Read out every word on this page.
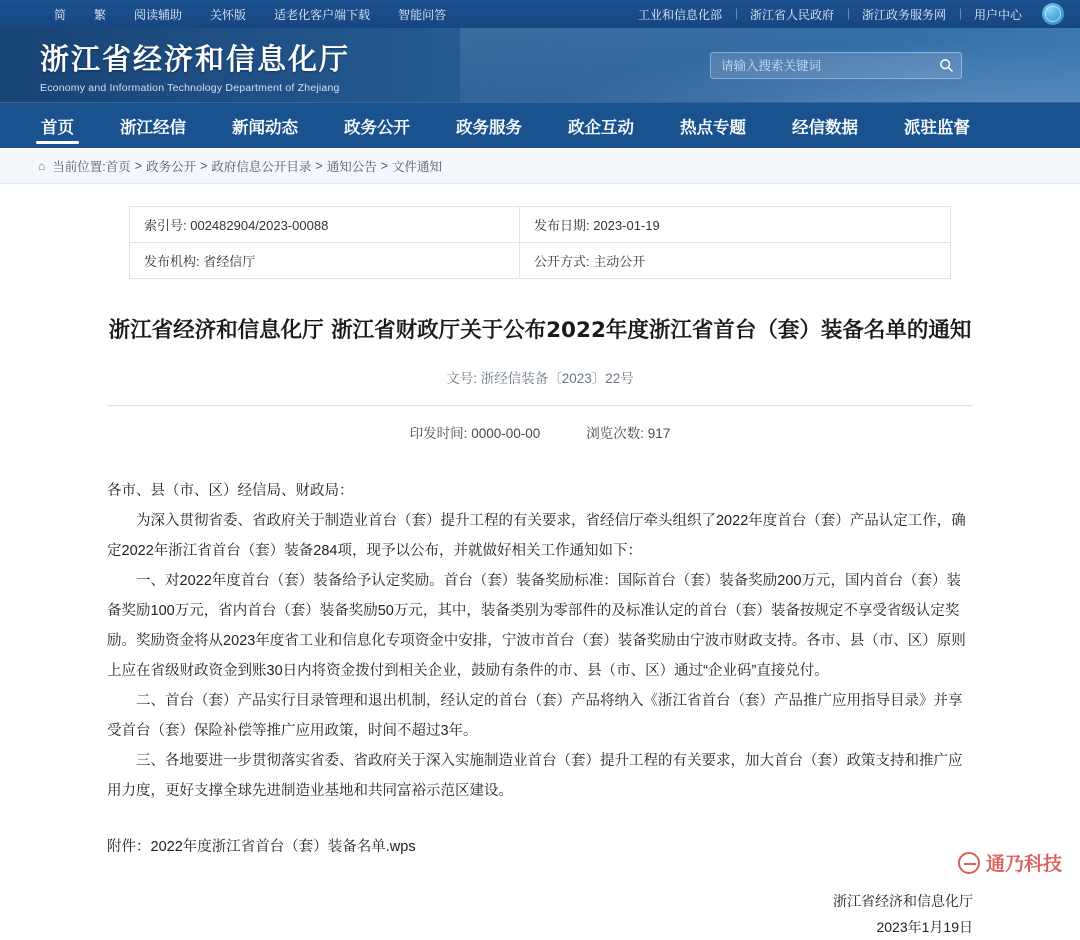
简	繁	阅读辅助	关怀版	适老化客户端下载	智能问答	工业和信息化部	浙江省人民政府	浙江政务服务网	用户中心
浙江省经济和信息化厅
Economy and Information Technology Department of Zhejiang
请输入搜索关键词
首页	浙江经信	新闻动态	政务公开	政务服务	政企互动	热点专题	经信数据	派驻监督
⌂ 当前位置: 首页 > 政务公开 > 政府信息公开目录 > 通知公告 > 文件通知
索引号: 002482904/2023-00088	发布日期: 2023-01-19
发布机构: 省经信厅	公开方式: 主动公开
浙江省经济和信息化厅 浙江省财政厅关于公布2022年度浙江省首台（套）装备名单的通知
文号: 浙经信装备〔2023〕22号
印发时间: 0000-00-00	浏览次数: 917

各市、县（市、区）经信局、财政局：

为深入贯彻省委、省政府关于制造业首台（套）提升工程的有关要求，省经信厅牵头组织了2022年度首台（套）产品认定工作，确定2022年浙江省首台（套）装备284项，现予以公布，并就做好相关工作通知如下：

一、对2022年度首台（套）装备给予认定奖励。首台（套）装备奖励标准：国际首台（套）装备奖励200万元，国内首台（套）装备奖励100万元，省内首台（套）装备奖励50万元，其中，装备类别为零部件的及标准认定的首台（套）装备按规定不享受省级认定奖励。奖励资金将从2023年度省工业和信息化专项资金中安排，宁波市首台（套）装备奖励由宁波市财政支持。各市、县（市、区）原则上应在省级财政资金到账30日内将资金拨付到相关企业，鼓励有条件的市、县（市、区）通过“企业码”直接兑付。

二、首台（套）产品实行目录管理和退出机制，经认定的首台（套）产品将纳入《浙江省首台（套）产品推广应用指导目录》并享受首台（套）保险补偿等推广应用政策，时间不超过3年。

三、各地要进一步贯彻落实省委、省政府关于深入实施制造业首台（套）提升工程的有关要求，加大首台（套）政策支持和推广应用力度，更好支撑全球先进制造业基地和共同富裕示范区建设。

附件：2022年度浙江省首台（套）装备名单.wps

浙江省经济和信息化厅
2023年1月19日
通乃科技
